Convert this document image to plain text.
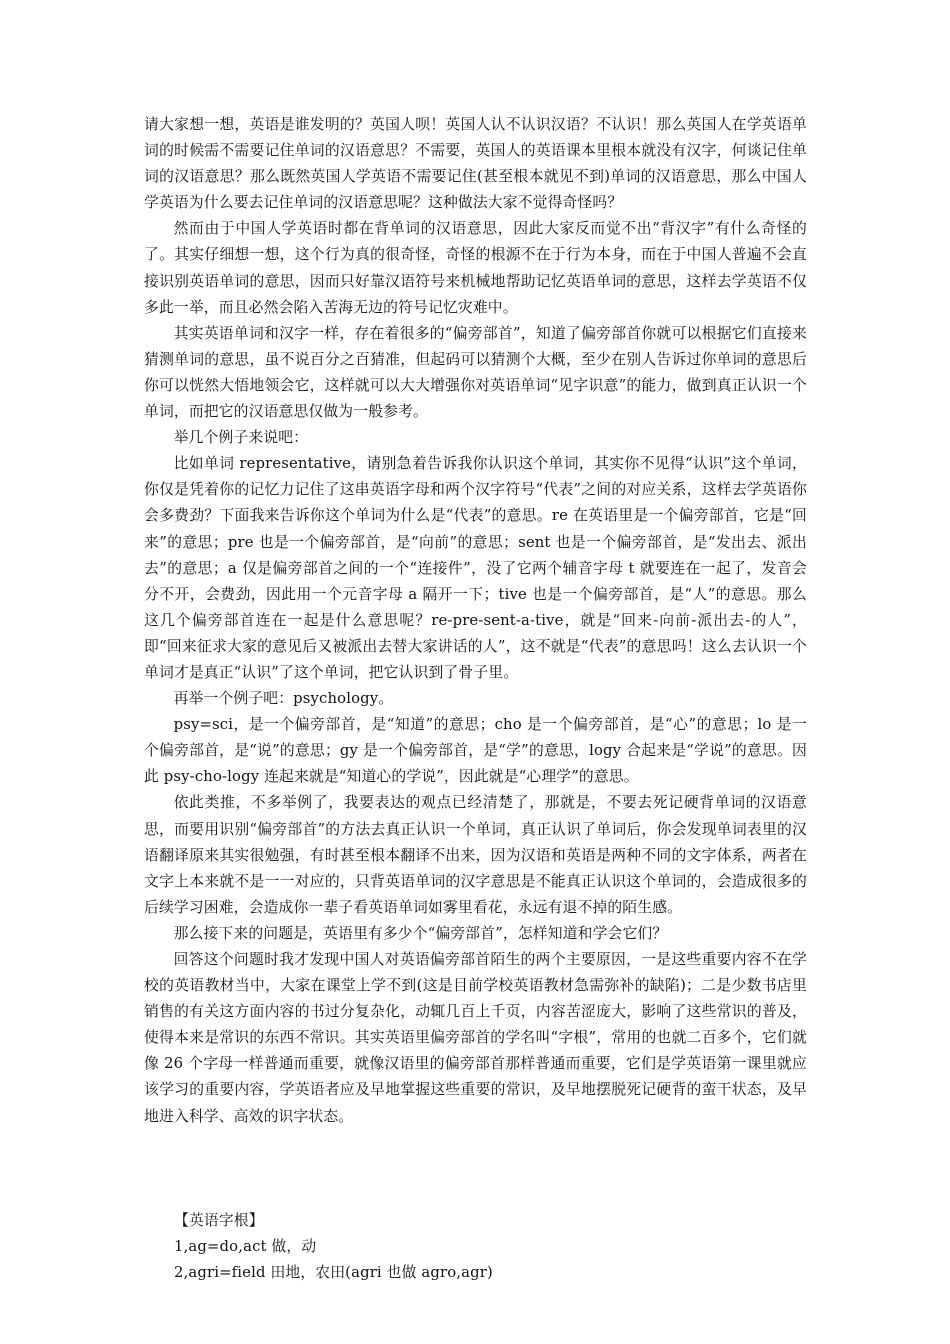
请大家想一想，英语是谁发明的？英国人呗！英国人认不认识汉语？不认识！那么英国人在学英语单词的时候需不需要记住单词的汉语意思？不需要，英国人的英语课本里根本就没有汉字，何谈记住单词的汉语意思？那么既然英国人学英语不需要记住(甚至根本就见不到)单词的汉语意思，那么中国人学英语为什么要去记住单词的汉语意思呢？这种做法大家不觉得奇怪吗？

然而由于中国人学英语时都在背单词的汉语意思，因此大家反而觉不出“背汉字”有什么奇怪的了。其实仔细想一想，这个行为真的很奇怪，奇怪的根源不在于行为本身，而在于中国人普遍不会直接识别英语单词的意思，因而只好靠汉语符号来机械地帮助记忆英语单词的意思，这样去学英语不仅多此一举，而且必然会陷入苦海无边的符号记忆灾难中。

其实英语单词和汉字一样，存在着很多的“偏旁部首”，知道了偏旁部首你就可以根据它们直接来猜测单词的意思，虽不说百分之百猜准，但起码可以猜测个大概，至少在别人告诉过你单词的意思后你可以恍然大悟地领会它，这样就可以大大增强你对英语单词“见字识意”的能力，做到真正认识一个单词，而把它的汉语意思仅做为一般参考。

举几个例子来说吧：

比如单词 representative，请别急着告诉我你认识这个单词，其实你不见得“认识”这个单词，你仅是凭着你的记忆力记住了这串英语字母和两个汉字符号“代表”之间的对应关系，这样去学英语你会多费劲？下面我来告诉你这个单词为什么是“代表”的意思。re 在英语里是一个偏旁部首，它是“回来”的意思；pre 也是一个偏旁部首，是“向前”的意思；sent 也是一个偏旁部首，是“发出去、派出去”的意思；a 仅是偏旁部首之间的一个“连接件”，没了它两个辅音字母 t 就要连在一起了，发音会分不开，会费劲，因此用一个元音字母 a 隔开一下；tive 也是一个偏旁部首，是“人”的意思。那么这几个偏旁部首连在一起是什么意思呢？re-pre-sent-a-tive，就是“回来-向前-派出去-的人”，即“回来征求大家的意见后又被派出去替大家讲话的人”，这不就是“代表”的意思吗！这么去认识一个单词才是真正“认识”了这个单词，把它认识到了骨子里。

再举一个例子吧：psychology。

psy=sci，是一个偏旁部首，是“知道”的意思；cho 是一个偏旁部首，是“心”的意思；lo 是一个偏旁部首，是“说”的意思；gy 是一个偏旁部首，是“学”的意思，logy 合起来是“学说”的意思。因此 psy-cho-logy 连起来就是“知道心的学说”，因此就是“心理学”的意思。

依此类推，不多举例了，我要表达的观点已经清楚了，那就是，不要去死记硬背单词的汉语意思，而要用识别“偏旁部首”的方法去真正认识一个单词，真正认识了单词后，你会发现单词表里的汉语翻译原来其实很勉强，有时甚至根本翻译不出来，因为汉语和英语是两种不同的文字体系，两者在文字上本来就不是一一对应的，只背英语单词的汉字意思是不能真正认识这个单词的，会造成很多的后续学习困难，会造成你一辈子看英语单词如雾里看花，永远有退不掉的陌生感。

那么接下来的问题是，英语里有多少个“偏旁部首”，怎样知道和学会它们？

回答这个问题时我才发现中国人对英语偏旁部首陌生的两个主要原因，一是这些重要内容不在学校的英语教材当中，大家在课堂上学不到(这是目前学校英语教材急需弥补的缺陷)；二是少数书店里销售的有关这方面内容的书过分复杂化，动辄几百上千页，内容苦涩庞大，影响了这些常识的普及，使得本来是常识的东西不常识。其实英语里偏旁部首的学名叫“字根”，常用的也就二百多个，它们就像 26 个字母一样普通而重要，就像汉语里的偏旁部首那样普通而重要，它们是学英语第一课里就应该学习的重要内容，学英语者应及早地掌握这些重要的常识，及早地摆脱死记硬背的蛮干状态，及早地进入科学、高效的识字状态。

【英语字根】

1,ag=do,act 做，动

2,agri=field 田地，农田(agri 也做 agro,agr)
